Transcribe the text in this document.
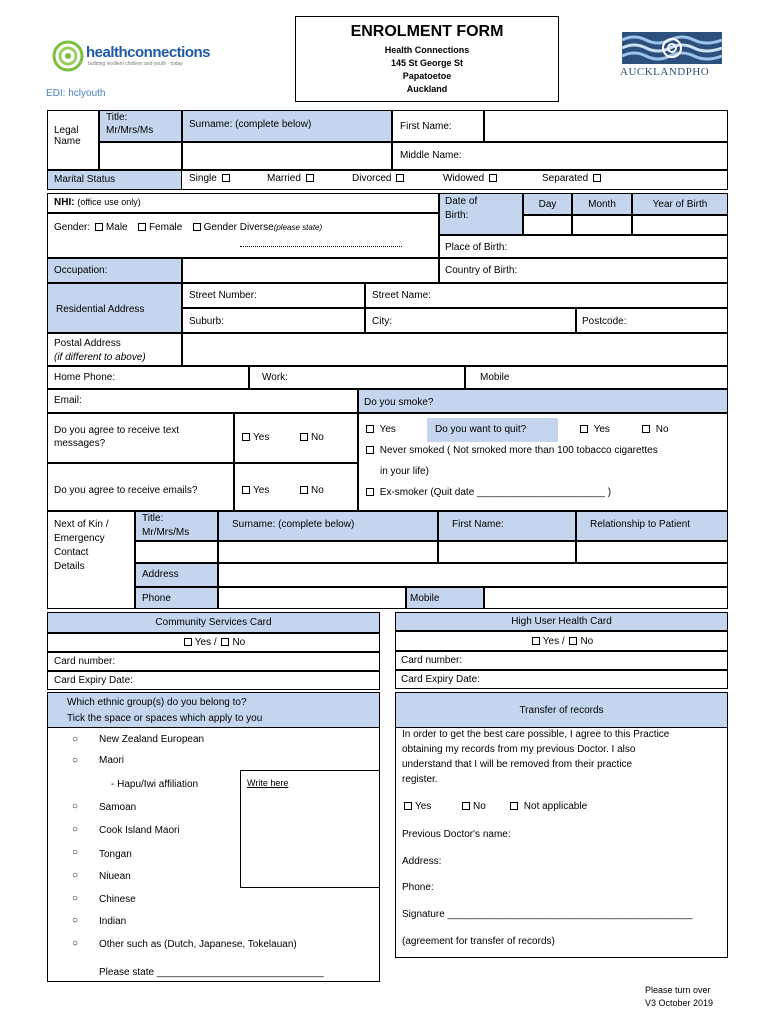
healthconnections
building resilient children and youth · today
EDI: hclyouth
ENROLMENT FORM
Health Connections
145 St George St
Papatoetoe
Auckland
AUCKLANDPHO
Legal
Name
Title:
Mr/Mrs/Ms
Surname: (complete below)	First Name:
Middle Name:
Marital Status	Single	Married	Divorced	Widowed	Separated
NHI: (office use only)	Date of
Birth:
Day	Month	Year of Birth
Gender: Male Female Gender Diverse(please state)
Place of Birth:
Occupation:	Country of Birth:
Residential Address
Street Number:	Street Name:
Suburb:	City:	Postcode:
Postal Address
(if different to above)
Home Phone:	Work:	Mobile
Email:	Do you smoke?
Do you agree to receive text
messages?
Yes	No
Do you agree to receive emails?	Yes	No
Yes	Do you want to quit?	Yes	No
Never smoked ( Not smoked more than 100 tobacco cigarettes
in your life)
Ex-smoker (Quit date _______________________ )
Next of Kin /
Emergency
Contact
Details
Title:
Mr/Mrs/Ms
Surname: (complete below)	First Name:	Relationship to Patient
Address
Phone	Mobile
Community Services Card
Yes / No
Card number:
Card Expiry Date:
High User Health Card
Yes / No
Card number:
Card Expiry Date:
Which ethnic group(s) do you belong to?
Tick the space or spaces which apply to you
○ New Zealand European
○ Maori
- Hapu/Iwi affiliation	Write here
○ Samoan
○ Cook Island Maori
○ Tongan
○ Niuean
○ Chinese
○ Indian
○ Other such as (Dutch, Japanese, Tokelauan)
Please state ______________________________
Transfer of records
In order to get the best care possible, I agree to this Practice
obtaining my records from my previous Doctor. I also
understand that I will be removed from their practice
register.
Yes	No	Not applicable
Previous Doctor's name:
Address:
Phone:
Signature ____________________________________________
(agreement for transfer of records)
Please turn over
V3 October 2019
